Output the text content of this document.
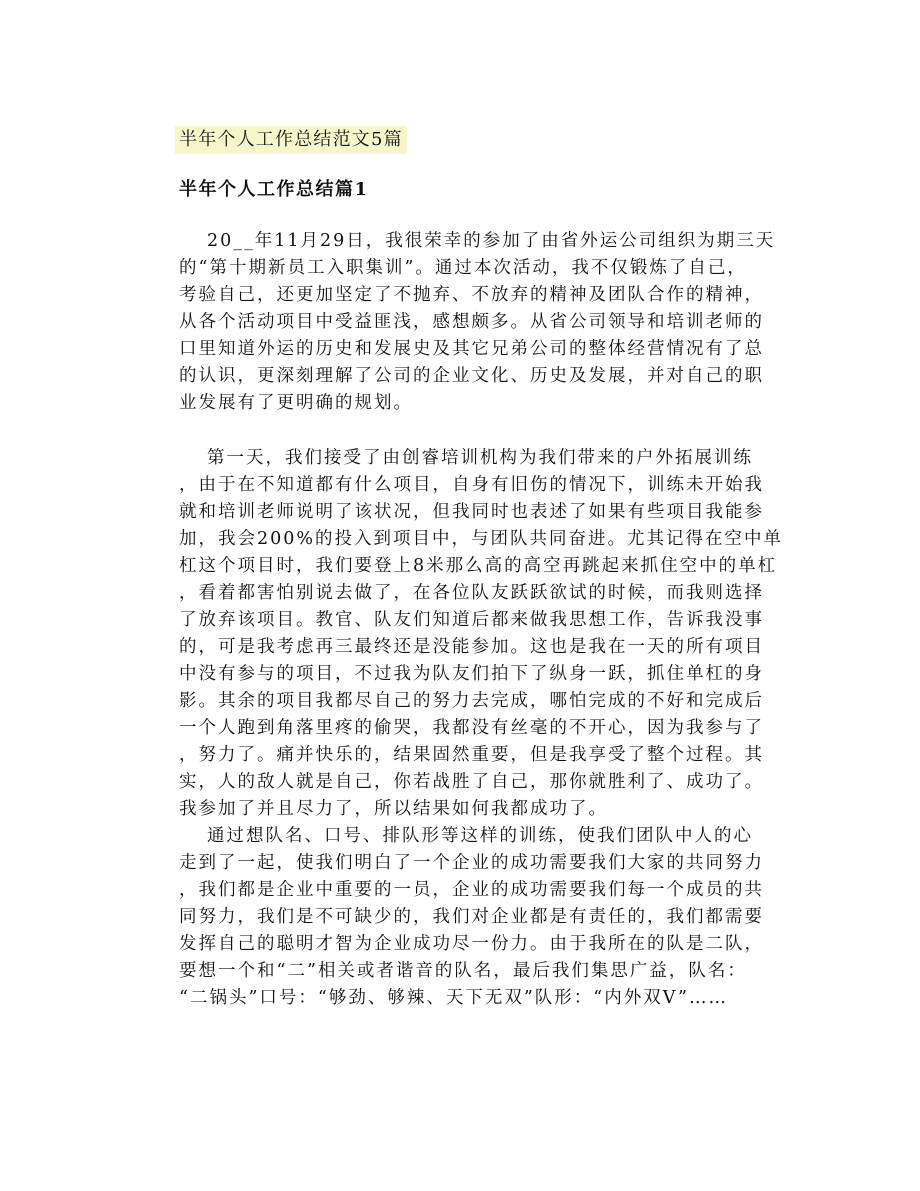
半年个人工作总结范文5篇
半年个人工作总结篇1
20__年11月29日，我很荣幸的参加了由省外运公司组织为期三天
的“第十期新员工入职集训”。通过本次活动，我不仅锻炼了自己，
考验自己，还更加坚定了不抛弃、不放弃的精神及团队合作的精神，
从各个活动项目中受益匪浅，感想颇多。从省公司领导和培训老师的
口里知道外运的历史和发展史及其它兄弟公司的整体经营情况有了总
的认识，更深刻理解了公司的企业文化、历史及发展，并对自己的职
业发展有了更明确的规划。
第一天，我们接受了由创睿培训机构为我们带来的户外拓展训练
，由于在不知道都有什么项目，自身有旧伤的情况下，训练未开始我
就和培训老师说明了该状况，但我同时也表述了如果有些项目我能参
加，我会200%的投入到项目中，与团队共同奋进。尤其记得在空中单
杠这个项目时，我们要登上8米那么高的高空再跳起来抓住空中的单杠
，看着都害怕别说去做了，在各位队友跃跃欲试的时候，而我则选择
了放弃该项目。教官、队友们知道后都来做我思想工作，告诉我没事
的，可是我考虑再三最终还是没能参加。这也是我在一天的所有项目
中没有参与的项目，不过我为队友们拍下了纵身一跃，抓住单杠的身
影。其余的项目我都尽自己的努力去完成，哪怕完成的不好和完成后
一个人跑到角落里疼的偷哭，我都没有丝毫的不开心，因为我参与了
，努力了。痛并快乐的，结果固然重要，但是我享受了整个过程。其
实，人的敌人就是自己，你若战胜了自己，那你就胜利了、成功了。
我参加了并且尽力了，所以结果如何我都成功了。
通过想队名、口号、排队形等这样的训练，使我们团队中人的心
走到了一起，使我们明白了一个企业的成功需要我们大家的共同努力
，我们都是企业中重要的一员，企业的成功需要我们每一个成员的共
同努力，我们是不可缺少的，我们对企业都是有责任的，我们都需要
发挥自己的聪明才智为企业成功尽一份力。由于我所在的队是二队，
要想一个和“二”相关或者谐音的队名，最后我们集思广益，队名：
“二锅头”口号：“够劲、够辣、天下无双”队形：“内外双V”……
